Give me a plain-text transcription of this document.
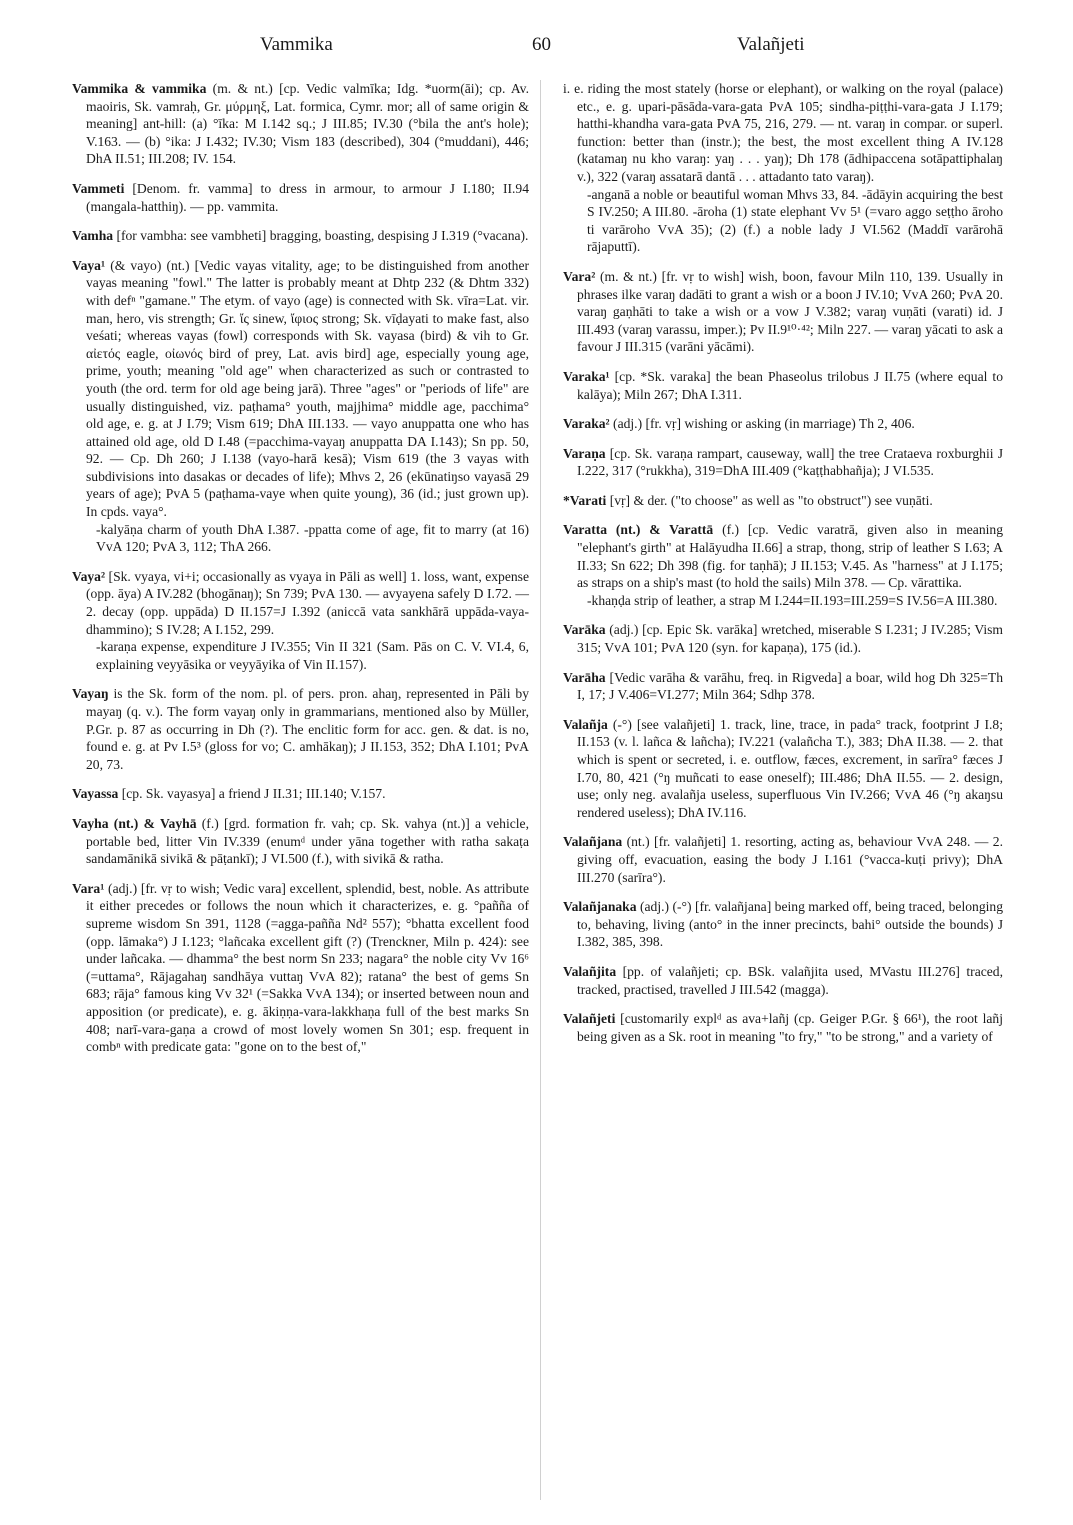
Vammika	60	Valañjeti

Vammika & vammika (m. & nt.) [cp. Vedic valmīka; Idg. *uorm(āi); cp. Av. maoiris, Sk. vamraḥ, Gr. μύρμηξ, Lat. formica, Cymr. mor; all of same origin & meaning] ant-hill: (a) °īka: M I.142 sq.; J III.85; IV.30 (°bila the ant's hole); V.163. — (b) °ika: J I.432; IV.30; Vism 183 (described), 304 (°muddani), 446; DhA II.51; III.208; IV. 154.

Vammeti [Denom. fr. vamma] to dress in armour, to armour J I.180; II.94 (mangala-hatthiŋ). — pp. vammita.

Vamha [for vambha: see vambheti] bragging, boasting, despising J I.319 (°vacana).

Vaya¹ (& vayo) (nt.) [Vedic vayas vitality, age; to be distinguished from another vayas meaning "fowl." The latter is probably meant at Dhtp 232 (& Dhtm 332) with defⁿ "gamane." The etym. of vayo (age) is connected with Sk. vīra=Lat. vir. man, hero, vis strength; Gr. ἴς sinew, ἴφιος strong; Sk. vīḍayati to make fast, also veśati; whereas vayas (fowl) corresponds with Sk. vayasa (bird) & vih to Gr. αἰετός eagle, οἰωνός bird of prey, Lat. avis bird] age, especially young age, prime, youth; meaning "old age" when characterized as such or contrasted to youth (the ord. term for old age being jarā). Three "ages" or "periods of life" are usually distinguished, viz. paṭhama° youth, majjhima° middle age, pacchima° old age, e. g. at J I.79; Vism 619; DhA III.133. — vayo anuppatta one who has attained old age, old D I.48 (=pacchima-vayaŋ anuppatta DA I.143); Sn pp. 50, 92. — Cp. Dh 260; J I.138 (vayo-harā kesā); Vism 619 (the 3 vayas with subdivisions into dasakas or decades of life); Mhvs 2, 26 (ekūnatiŋso vayasā 29 years of age); PvA 5 (paṭhama-vaye when quite young), 36 (id.; just grown up). In cpds. vaya°.
-kalyāṇa charm of youth DhA I.387. -ppatta come of age, fit to marry (at 16) VvA 120; PvA 3, 112; ThA 266.

Vaya² [Sk. vyaya, vi+i; occasionally as vyaya in Pāli as well] 1. loss, want, expense (opp. āya) A IV.282 (bhogānaŋ); Sn 739; PvA 130. — avyayena safely D I.72. — 2. decay (opp. uppāda) D II.157=J I.392 (aniccā vata sankhārā uppāda-vaya-dhammino); S IV.28; A I.152, 299.
-karaṇa expense, expenditure J IV.355; Vin II 321 (Sam. Pās on C. V. VI.4, 6, explaining veyyāsika or veyyāyika of Vin II.157).

Vayaŋ is the Sk. form of the nom. pl. of pers. pron. ahaŋ, represented in Pāli by mayaŋ (q. v.). The form vayaŋ only in grammarians, mentioned also by Müller, P.Gr. p. 87 as occurring in Dh (?). The enclitic form for acc. gen. & dat. is no, found e. g. at Pv I.5³ (gloss for vo; C. amhākaŋ); J II.153, 352; DhA I.101; PvA 20, 73.

Vayassa [cp. Sk. vayasya] a friend J II.31; III.140; V.157.

Vayha (nt.) & Vayhā (f.) [grd. formation fr. vah; cp. Sk. vahya (nt.)] a vehicle, portable bed, litter Vin IV.339 (enumᵈ under yāna together with ratha sakaṭa sandamānikā sivikā & pāṭankī); J VI.500 (f.), with sivikā & ratha.

Vara¹ (adj.) [fr. vṛ to wish; Vedic vara] excellent, splendid, best, noble. As attribute it either precedes or follows the noun which it characterizes, e. g. °pañña of supreme wisdom Sn 391, 1128 (=agga-pañña Nd² 557); °bhatta excellent food (opp. lāmaka°) J I.123; °lañcaka excellent gift (?) (Trenckner, Miln p. 424): see under lañcaka. — dhamma° the best norm Sn 233; nagara° the noble city Vv 16⁶ (=uttama°, Rājagahaŋ sandhāya vuttaŋ VvA 82); ratana° the best of gems Sn 683; rāja° famous king Vv 32¹ (=Sakka VvA 134); or inserted between noun and apposition (or predicate), e. g. ākiṇṇa-vara-lakkhaṇa full of the best marks Sn 408; narī-vara-gaṇa a crowd of most lovely women Sn 301; esp. frequent in combⁿ with predicate gata: "gone on to the best of,"

i. e. riding the most stately (horse or elephant), or walking on the royal (palace) etc., e. g. upari-pāsāda-vara-gata PvA 105; sindha-piṭṭhi-vara-gata J I.179; hatthi-khandha vara-gata PvA 75, 216, 279. — nt. varaŋ in compar. or superl. function: better than (instr.); the best, the most excellent thing A IV.128 (katamaŋ nu kho varaŋ: yaŋ . . . yaŋ); Dh 178 (ādhipaccena sotāpattiphalaŋ v.), 322 (varaŋ assatarā dantā . . . attadanto tato varaŋ).
-anganā a noble or beautiful woman Mhvs 33, 84. -ādāyin acquiring the best S IV.250; A III.80. -āroha (1) state elephant Vv 5¹ (=varo aggo seṭṭho āroho ti varāroho VvA 35); (2) (f.) a noble lady J VI.562 (Maddī varārohā rājaputtī).

Vara² (m. & nt.) [fr. vṛ to wish] wish, boon, favour Miln 110, 139. Usually in phrases ilke varaŋ dadāti to grant a wish or a boon J IV.10; VvA 260; PvA 20. varaŋ gaṇhāti to take a wish or a vow J V.382; varaŋ vuṇāti (varati) id. J III.493 (varaŋ varassu, imper.); Pv II.9¹⁰·⁴²; Miln 227. — varaŋ yācati to ask a favour J III.315 (varāni yācāmi).

Varaka¹ [cp. *Sk. varaka] the bean Phaseolus trilobus J II.75 (where equal to kalāya); Miln 267; DhA I.311.

Varaka² (adj.) [fr. vṛ] wishing or asking (in marriage) Th 2, 406.

Varaṇa [cp. Sk. varaṇa rampart, causeway, wall] the tree Crataeva roxburghii J I.222, 317 (°rukkha), 319=DhA III.409 (°kaṭṭhabhañja); J VI.535.

*Varati [vṛ] & der. ("to choose" as well as "to obstruct") see vuṇāti.

Varatta (nt.) & Varattā (f.) [cp. Vedic varatrā, given also in meaning "elephant's girth" at Halāyudha II.66] a strap, thong, strip of leather S I.63; A II.33; Sn 622; Dh 398 (fig. for taṇhā); J II.153; V.45. As "harness" at J I.175; as straps on a ship's mast (to hold the sails) Miln 378. — Cp. vārattika.
-khaṇḍa strip of leather, a strap M I.244=II.193=III.259=S IV.56=A III.380.

Varāka (adj.) [cp. Epic Sk. varāka] wretched, miserable S I.231; J IV.285; Vism 315; VvA 101; PvA 120 (syn. for kapaṇa), 175 (id.).

Varāha [Vedic varāha & varāhu, freq. in Rigveda] a boar, wild hog Dh 325=Th I, 17; J V.406=VI.277; Miln 364; Sdhp 378.

Valañja (-°) [see valañjeti] 1. track, line, trace, in pada° track, footprint J I.8; II.153 (v. l. lañca & lañcha); IV.221 (valañcha T.), 383; DhA II.38. — 2. that which is spent or secreted, i. e. outflow, fæces, excrement, in sarīra° fæces J I.70, 80, 421 (°ŋ muñcati to ease oneself); III.486; DhA II.55. — 2. design, use; only neg. avalañja useless, superfluous Vin IV.266; VvA 46 (°ŋ akaŋsu rendered useless); DhA IV.116.

Valañjana (nt.) [fr. valañjeti] 1. resorting, acting as, behaviour VvA 248. — 2. giving off, evacuation, easing the body J I.161 (°vacca-kuṭi privy); DhA III.270 (sarīra°).

Valañjanaka (adj.) (-°) [fr. valañjana] being marked off, being traced, belonging to, behaving, living (anto° in the inner precincts, bahi° outside the bounds) J I.382, 385, 398.

Valañjita [pp. of valañjeti; cp. BSk. valañjita used, MVastu III.276] traced, tracked, practised, travelled J III.542 (magga).

Valañjeti [customarily explᵈ as ava+lañj (cp. Geiger P.Gr. § 66¹), the root lañj being given as a Sk. root in meaning "to fry," "to be strong," and a variety of
